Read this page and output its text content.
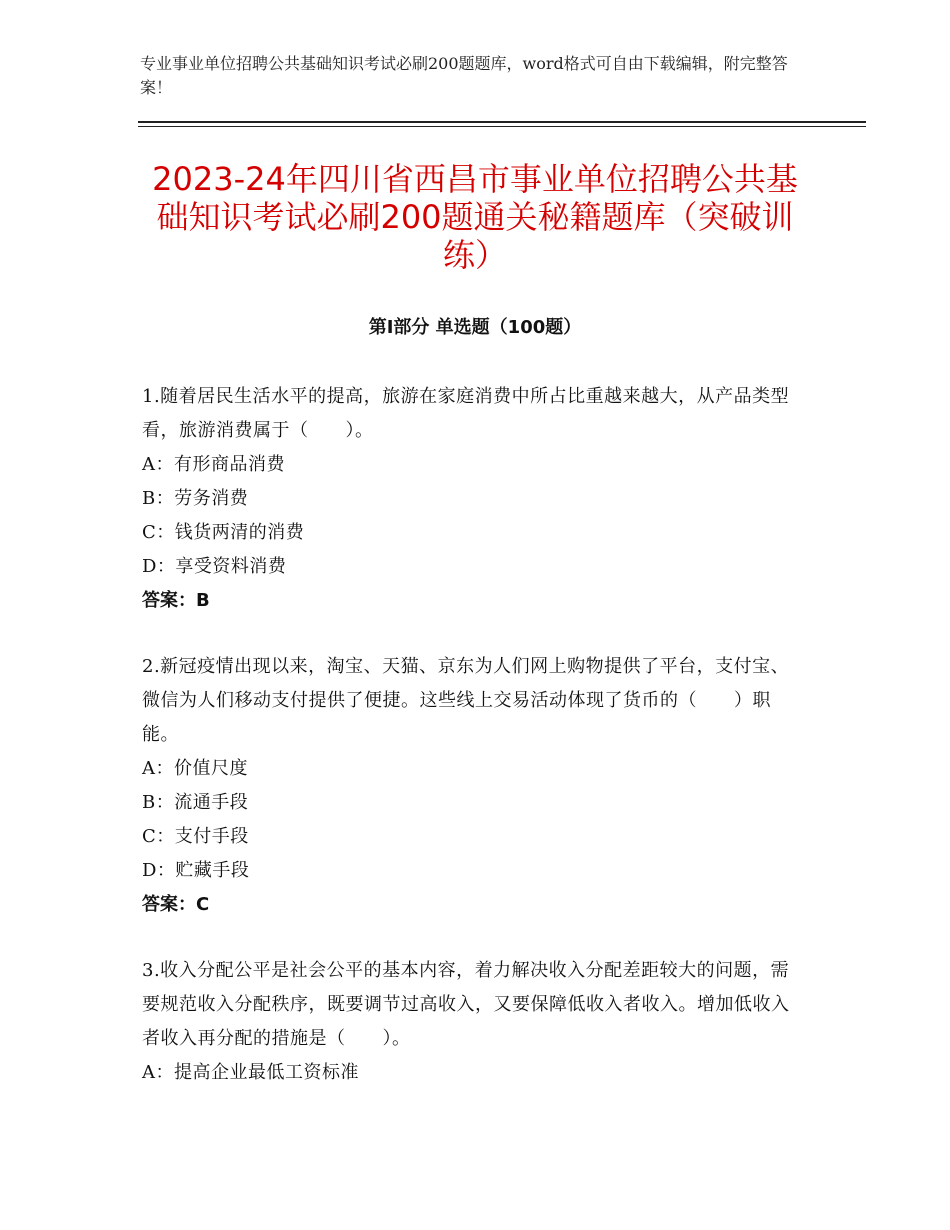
专业事业单位招聘公共基础知识考试必刷200题题库，word格式可自由下载编辑，附完整答案！
2023-24年四川省西昌市事业单位招聘公共基础知识考试必刷200题通关秘籍题库（突破训练）
第Ⅰ部分 单选题（100题）
1.随着居民生活水平的提高，旅游在家庭消费中所占比重越来越大，从产品类型看，旅游消费属于（　　）。
A：有形商品消费
B：劳务消费
C：钱货两清的消费
D：享受资料消费
答案：B
2.新冠疫情出现以来，淘宝、天猫、京东为人们网上购物提供了平台，支付宝、微信为人们移动支付提供了便捷。这些线上交易活动体现了货币的（　　）职能。
A：价值尺度
B：流通手段
C：支付手段
D：贮藏手段
答案：C
3.收入分配公平是社会公平的基本内容，着力解决收入分配差距较大的问题，需要规范收入分配秩序，既要调节过高收入，又要保障低收入者收入。增加低收入者收入再分配的措施是（　　）。
A：提高企业最低工资标准
